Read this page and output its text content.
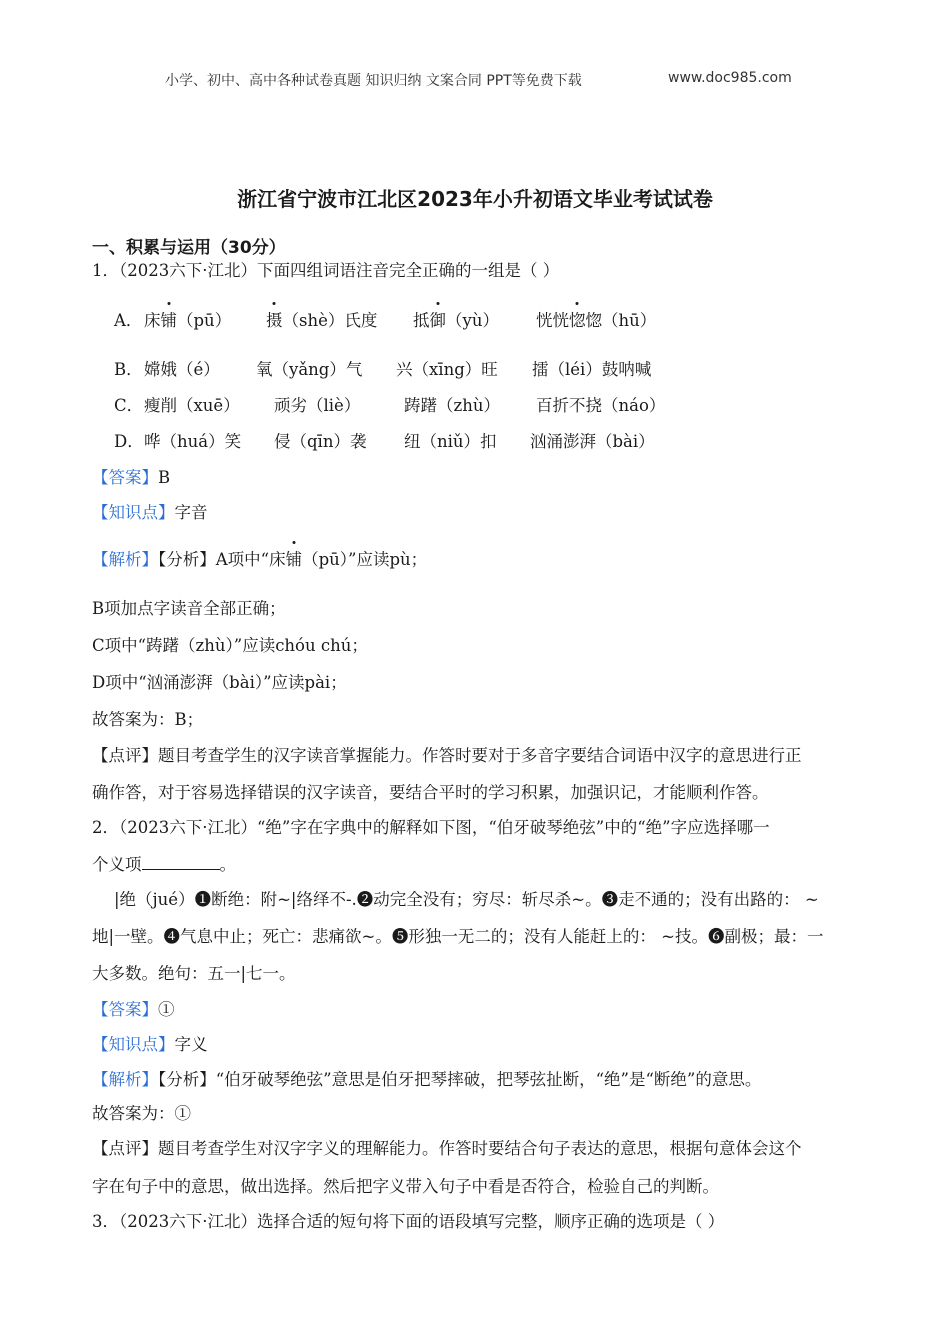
小学、初中、高中各种试卷真题 知识归纳 文案合同 PPT等免费下载	www.doc985.com
浙江省宁波市江北区2023年小升初语文毕业考试试卷
一、积累与运用（30分）
1．（2023六下·江北）下面四组词语注音完全正确的一组是（ ）
A． 床铺（pū） 摄（shè）氏度 抵御（yù） 恍恍惚惚（hū）
B． 嫦娥（é） 氧（yǎng）气 兴（xīng）旺 擂（léi）鼓呐喊
C． 瘦削（xuē） 顽劣（liè）	踌躇（zhù） 百折不挠（náo）
D． 哗（huá）笑 侵（qīn）袭 纽（niǔ）扣 汹涌澎湃（bài）
【答案】B
【知识点】字音
【解析】【分析】A项中“床铺（pū）”应读pù；
B项加点字读音全部正确；
C项中“踌躇（zhù）”应读chóu chú；
D项中“汹涌澎湃（bài）”应读pài；
故答案为：B；
【点评】题目考查学生的汉字读音掌握能力。作答时要对于多音字要结合词语中汉字的意思进行正
确作答，对于容易选择错误的汉字读音，要结合平时的学习积累，加强识记，才能顺利作答。
2．（2023六下·江北）“绝”字在字典中的解释如下图，“伯牙破琴绝弦”中的“绝”字应选择哪一
个义项	。
|绝（jué）❶断绝：附~|络绎不-.❷动完全没有；穷尽：斩尽杀~。❸走不通的；没有出路的： ~
地|一壁。❹气息中止；死亡：悲痛欲~。❺形独一无二的；没有人能赶上的： ~技。❻副极；最：一
大多数。绝句：五一|七一。
【答案】①
【知识点】字义
【解析】【分析】“伯牙破琴绝弦”意思是伯牙把琴摔破，把琴弦扯断，“绝”是“断绝”的意思。
故答案为：①
【点评】题目考查学生对汉字字义的理解能力。作答时要结合句子表达的意思，根据句意体会这个
字在句子中的意思，做出选择。然后把字义带入句子中看是否符合，检验自己的判断。
3．（2023六下·江北）选择合适的短句将下面的语段填写完整，顺序正确的选项是（ ）
